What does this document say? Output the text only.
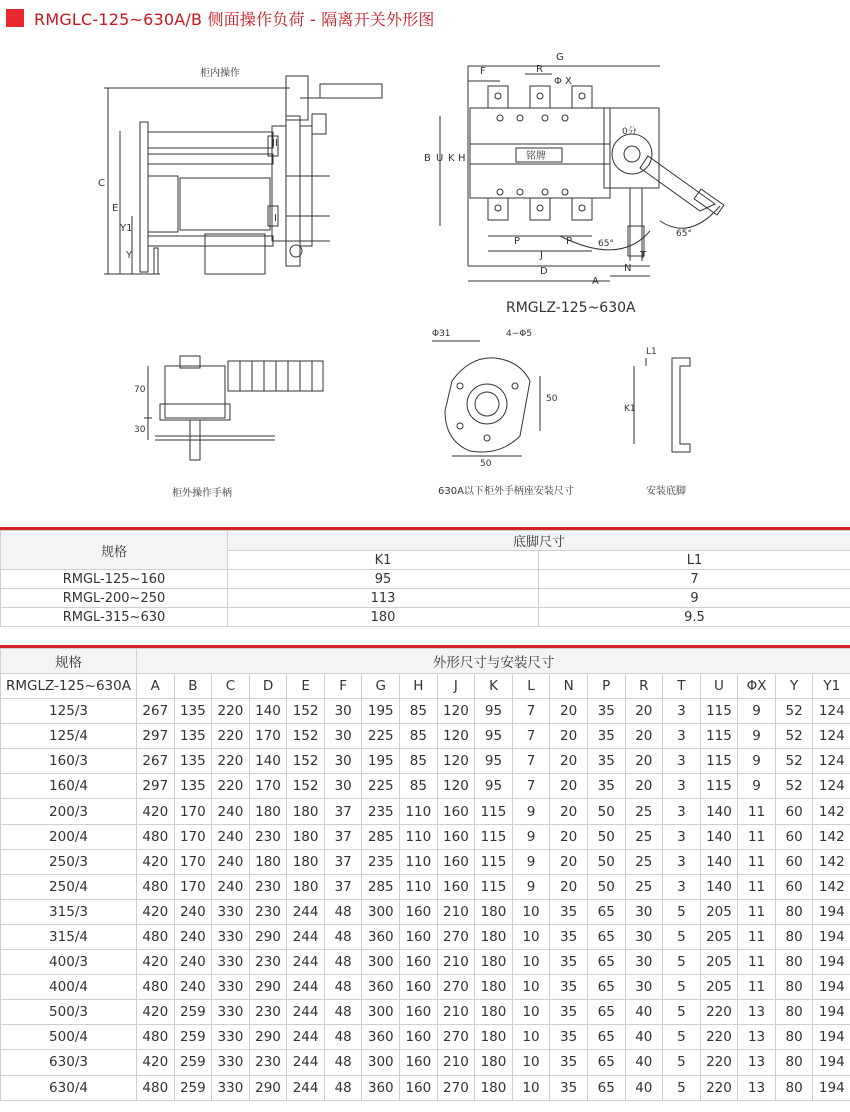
RMGLC-125~630A/B 侧面操作负荷 - 隔离开关外形图
柜内操作
C
E
Y1
Y
II
I
F
G
R
Φ X
B U K H	铭牌
0分
P	P
J
D
A
N
T
65°
65°
RMGLZ-125~630A
70
30
Φ31	4−Φ5
50
50
L1
K1
柜外操作手柄	630A以下柜外手柄座安装尺寸	安装底脚
规格	底脚尺寸	
	K1	L1
RMGL-125~160	95	7
RMGL-200~250	113	9
RMGL-315~630	180	9.5
规格	外形尺寸与安装尺寸																		
RMGLZ-125~630A	A	B	C	D	E	F	G	H	J	K	L	N	P	R	T	U	ΦX	Y	Y1
125/3	267	135	220	140	152	30	195	85	120	95	7	20	35	20	3	115	9	52	124
125/4	297	135	220	170	152	30	225	85	120	95	7	20	35	20	3	115	9	52	124
160/3	267	135	220	140	152	30	195	85	120	95	7	20	35	20	3	115	9	52	124
160/4	297	135	220	170	152	30	225	85	120	95	7	20	35	20	3	115	9	52	124
200/3	420	170	240	180	180	37	235	110	160	115	9	20	50	25	3	140	11	60	142
200/4	480	170	240	230	180	37	285	110	160	115	9	20	50	25	3	140	11	60	142
250/3	420	170	240	180	180	37	235	110	160	115	9	20	50	25	3	140	11	60	142
250/4	480	170	240	230	180	37	285	110	160	115	9	20	50	25	3	140	11	60	142
315/3	420	240	330	230	244	48	300	160	210	180	10	35	65	30	5	205	11	80	194
315/4	480	240	330	290	244	48	360	160	270	180	10	35	65	30	5	205	11	80	194
400/3	420	240	330	230	244	48	300	160	210	180	10	35	65	30	5	205	11	80	194
400/4	480	240	330	290	244	48	360	160	270	180	10	35	65	30	5	205	11	80	194
500/3	420	259	330	230	244	48	300	160	210	180	10	35	65	40	5	220	13	80	194
500/4	480	259	330	290	244	48	360	160	270	180	10	35	65	40	5	220	13	80	194
630/3	420	259	330	230	244	48	300	160	210	180	10	35	65	40	5	220	13	80	194
630/4	480	259	330	290	244	48	360	160	270	180	10	35	65	40	5	220	13	80	194
